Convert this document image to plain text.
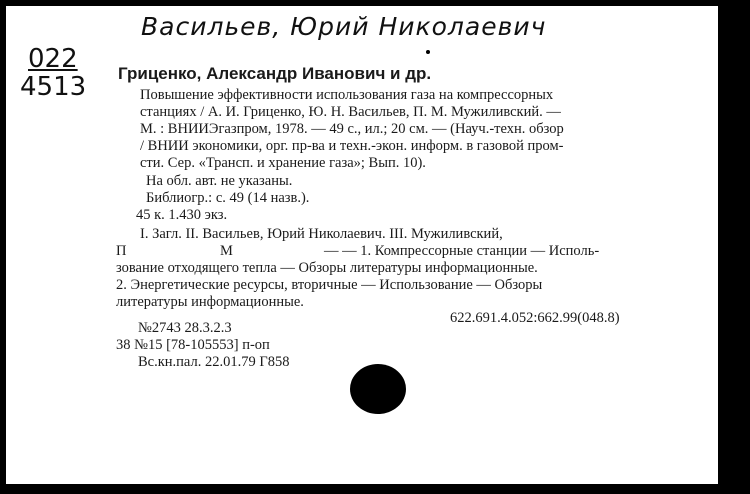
Васильев, Юрий Николаевич
022
4513 Гриценко, Александр Иванович и др.
Повышение эффективности использования газа на компрессорных
станциях / А. И. Гриценко, Ю. Н. Васильев, П. М. Мужиливский. —
М. : ВНИИЭгазпром, 1978. — 49 с., ил.; 20 см. — (Науч.-техн. обзор
/ ВНИИ экономики, орг. пр-ва и техн.-экон. информ. в газовой пром-
сти. Сер. «Трансп. и хранение газа»; Вып. 10).
На обл. авт. не указаны.
Библиогр.: с. 49 (14 назв.).
45 к. 1.430 экз.
I. Загл. II. Васильев, Юрий Николаевич. III. Мужиливский,
П	М	— — 1. Компрессорные станции — Исполь-
зование отходящего тепла — Обзоры литературы информационные.
2. Энергетические ресурсы, вторичные — Использование — Обзоры
литературы информационные.
622.691.4.052:662.99(048.8)
№2743 28.3.2.3
38 №15 [78-105553] п-оп
Вс.кн.пал. 22.01.79 Г858
